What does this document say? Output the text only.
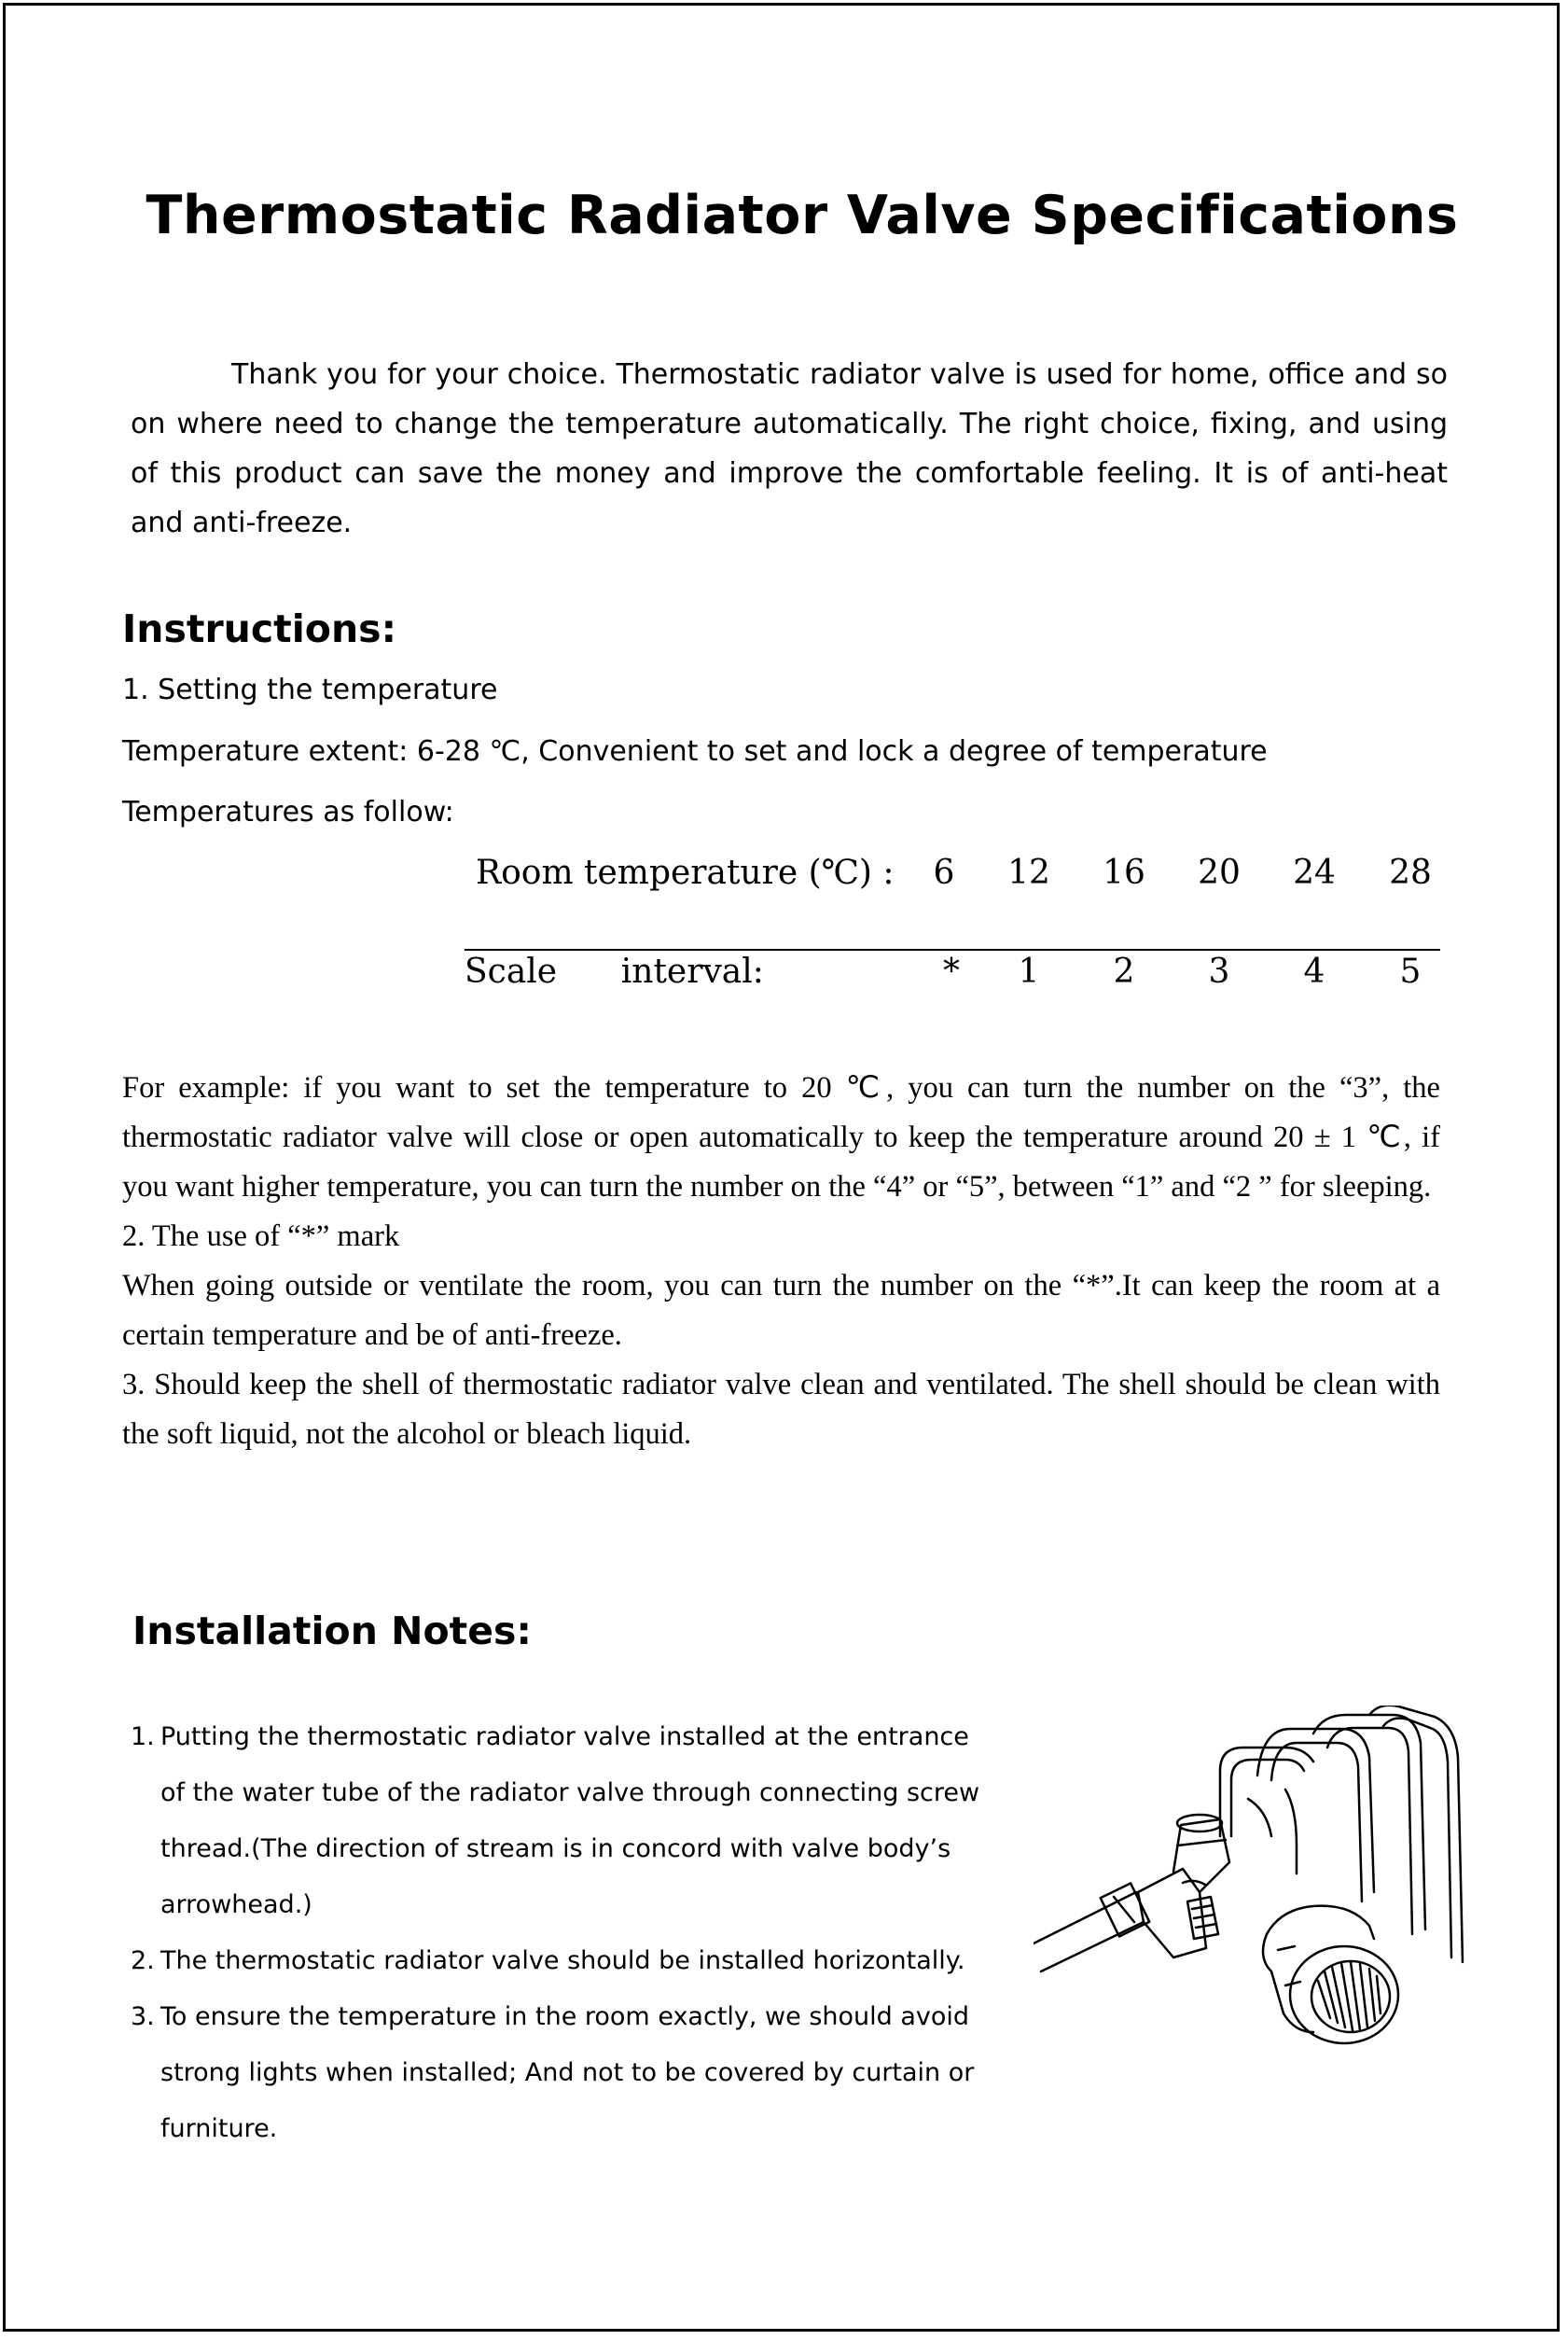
Thermostatic Radiator Valve Specifications

Thank you for your choice. Thermostatic radiator valve is used for home, office and so on where need to change the temperature automatically. The right choice, fixing, and using of this product can save the money and improve the comfortable feeling. It is of anti-heat and anti-freeze.

Instructions:

1. Setting the temperature

Temperature extent: 6-28 ℃, Convenient to set and lock a degree of temperature

Temperatures as follow:

Room temperature (℃) :	6	12	16	20	24	28
Scale      interval:	*	1	2	3	4	5

For example: if you want to set the temperature to 20 ℃, you can turn the number on the “3”, the thermostatic radiator valve will close or open automatically to keep the temperature around 20 ± 1 ℃, if you want higher temperature, you can turn the number on the “4” or “5”, between “1” and “2 ” for sleeping.

2. The use of “*” mark

When going outside or ventilate the room, you can turn the number on the “*”.It can keep the room at a certain temperature and be of anti-freeze.

3. Should keep the shell of thermostatic radiator valve clean and ventilated. The shell should be clean with the soft liquid, not the alcohol or bleach liquid.

Installation Notes:
1. Putting the thermostatic radiator valve installed at the entrance of the water tube of the radiator valve through connecting screw thread.(The direction of stream is in concord with valve body’s arrowhead.)
2. The thermostatic radiator valve should be installed horizontally.
3. To ensure the temperature in the room exactly, we should avoid strong lights when installed; And not to be covered by curtain or furniture.
